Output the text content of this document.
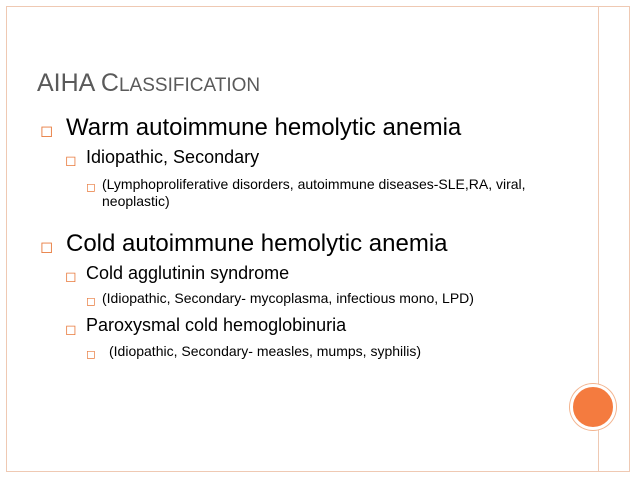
AIHA CLASSIFICATION
◻ Warm autoimmune hemolytic anemia
◻ Idiopathic, Secondary
◻ (Lymphoproliferative disorders, autoimmune diseases-SLE,RA, viral, neoplastic)
◻ Cold autoimmune hemolytic anemia
◻ Cold agglutinin syndrome
◻ (Idiopathic, Secondary- mycoplasma, infectious mono, LPD)
◻ Paroxysmal cold hemoglobinuria
◻ (Idiopathic, Secondary- measles, mumps, syphilis)
